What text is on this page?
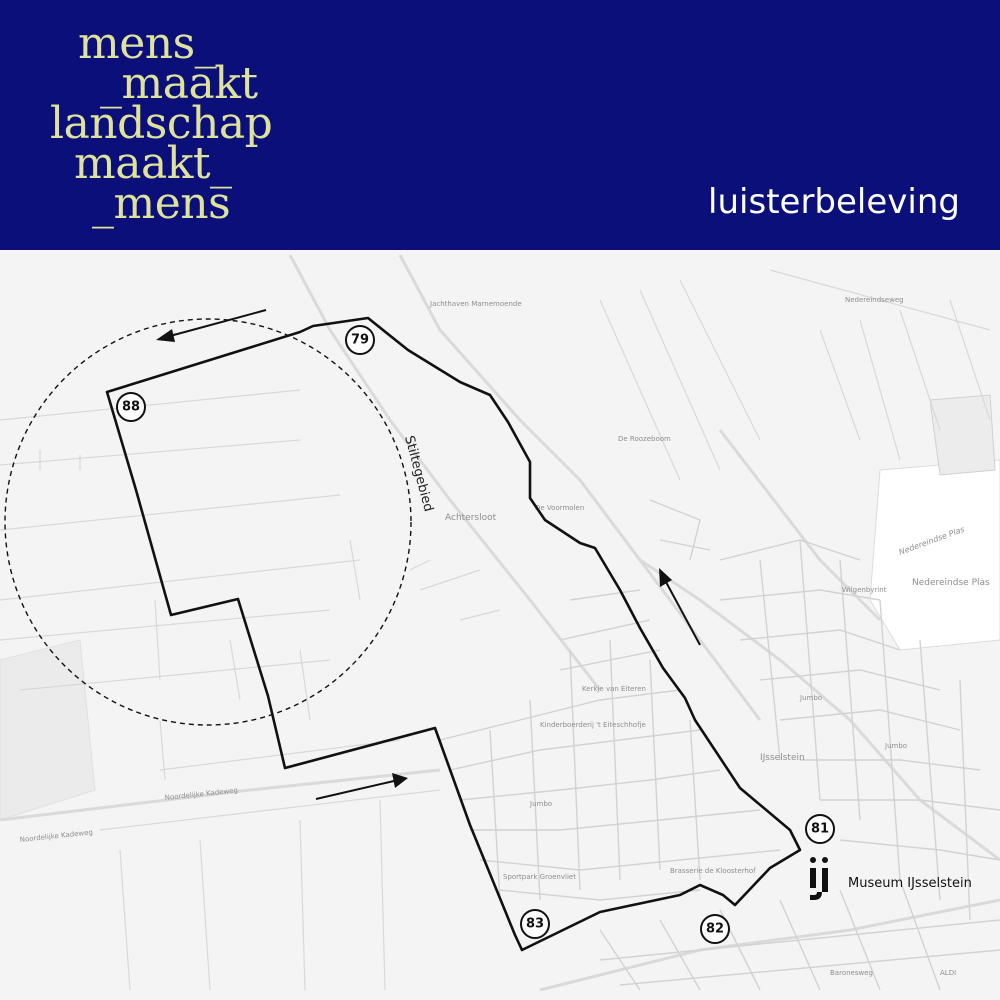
mens_
_maakt
landschap
maakt_
_mens	luisterbeleving
Jachthaven Marnemoende	Nedereindseweg
De Roozeboom
De Voormolen
Achtersloot
Nedereindse Plas
Nedereindse Plas
Wilgenbyrint
Kerkje van Eiteren
Kinderboerderij 't Eiteschhofje
Jumbo
Jumbo
Jumbo
IJsselstein
Sportpark Groenvliet
Brasserie de Kloosterhof
Noordelijke Kadeweg
Noordelijke Kadeweg
ALDI
Baronesweg
Stiltegebied
79
88
81
82
83
Museum IJsselstein
